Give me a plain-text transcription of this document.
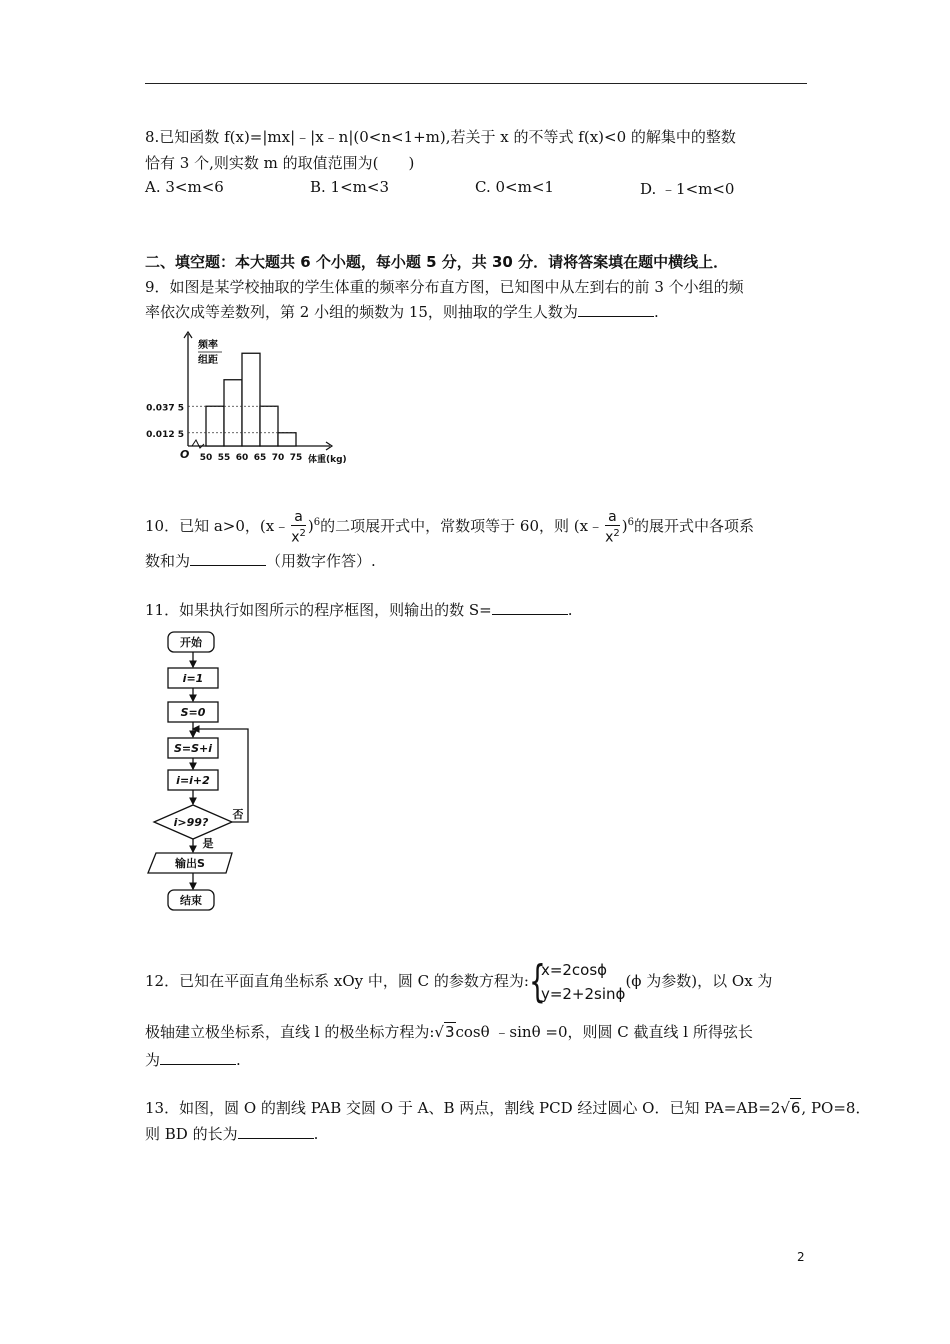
8.已知函数 f(x)=|mx|﹣|x﹣n|(0<n<1+m),若关于 x 的不等式 f(x)<0 的解集中的整数
恰有 3 个,则实数 m 的取值范围为(　　)
A. 3<m<6	B. 1<m<3	C. 0<m<1	D. ﹣1<m<0
二、填空题：本大题共 6 个小题，每小题 5 分，共 30 分．请将答案填在题中横线上．
9．如图是某学校抽取的学生体重的频率分布直方图，已知图中从左到右的前 3 个小组的频
率依次成等差数列，第 2 小组的频数为 15，则抽取的学生人数为	.
0.037 5
0.012 5
50 55 60 65 70 75
O
频率
组距
体重(kg)
10．已知 a>0，(x﹣ $\frac{a}{x^2} )^6$的二项展开式中，常数项等于 60，则 (x﹣ $\frac{a}{x^2} )^6$的展开式中各项系
数和为	（用数字作答）.
11．如果执行如图所示的程序框图，则输出的数 S=	.
开始
i=1
S=0
S=S+i
i=i+2
i>99?
否
是
输出S
结束
12．已知在平面直角坐标系 xOy 中，圆 C 的参数方程为: {
x=2cosϕ
y=2+2sinϕ
(ϕ 为参数)，以 Ox 为
极轴建立极坐标系，直线 l 的极坐标方程为:√3cosθ ﹣sinθ =0，则圆 C 截直线 l 所得弦长
为	.
13．如图，圆 O 的割线 PAB 交圆 O 于 A、B 两点，割线 PCD 经过圆心 O．已知 PA=AB=2√6, PO=8．
则 BD 的长为	.
2
